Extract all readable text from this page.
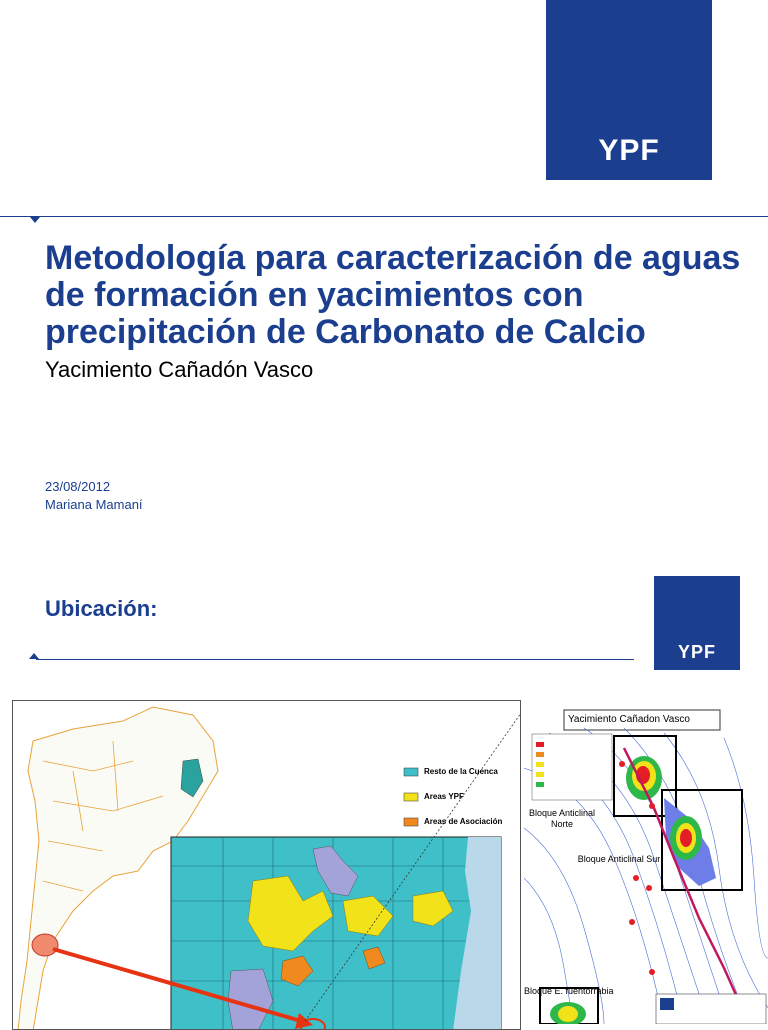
YPF
Metodología para caracterización de aguas de formación en yacimientos con precipitación de Carbonato de Calcio

Yacimiento Cañadón Vasco

23/08/2012
Mariana Mamaní
Ubicación:
YPF
Resto de la Cuenca
Areas YPF
Areas de Asociación
Yacimiento Cañadon Vasco
Bloque Anticlinal Norte
Bloque Anticlinal Sur
Bloque E. fuentorrabia
